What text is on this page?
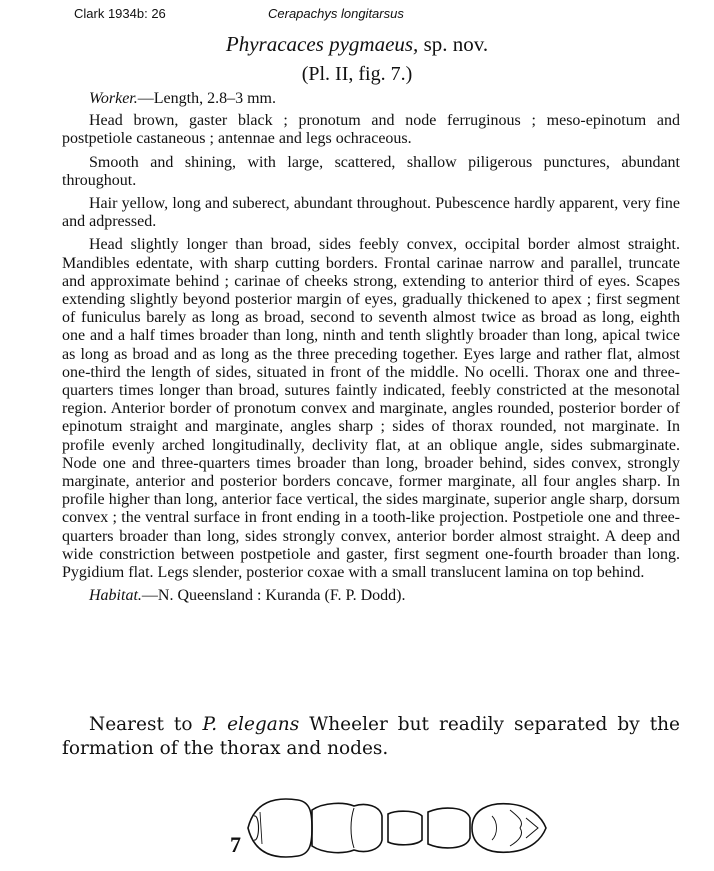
Clark 1934b: 26	Cerapachys longitarsus
Phyracaces pygmaeus, sp. nov.
(Pl. II, fig. 7.)

Worker.—Length, 2.8–3 mm.

Head brown, gaster black ; pronotum and node ferruginous ; meso-epinotum and postpetiole castaneous ; antennae and legs ochraceous.

Smooth and shining, with large, scattered, shallow piligerous punctures, abundant throughout.

Hair yellow, long and suberect, abundant throughout. Pubescence hardly apparent, very fine and adpressed.

Head slightly longer than broad, sides feebly convex, occipital border almost straight. Mandibles edentate, with sharp cutting borders. Frontal carinae narrow and parallel, truncate and approximate behind ; carinae of cheeks strong, extending to anterior third of eyes. Scapes extending slightly beyond posterior margin of eyes, gradually thickened to apex ; first segment of funiculus barely as long as broad, second to seventh almost twice as broad as long, eighth one and a half times broader than long, ninth and tenth slightly broader than long, apical twice as long as broad and as long as the three preceding together. Eyes large and rather flat, almost one-third the length of sides, situated in front of the middle. No ocelli. Thorax one and three-quarters times longer than broad, sutures faintly indicated, feebly constricted at the mesonotal region. Anterior border of pronotum convex and marginate, angles rounded, posterior border of epinotum straight and marginate, angles sharp ; sides of thorax rounded, not marginate. In profile evenly arched longitudinally, declivity flat, at an oblique angle, sides submarginate. Node one and three-quarters times broader than long, broader behind, sides convex, strongly marginate, anterior and posterior borders concave, former marginate, all four angles sharp. In profile higher than long, anterior face vertical, the sides marginate, superior angle sharp, dorsum convex ; the ventral surface in front ending in a tooth-like projection. Postpetiole one and three-quarters broader than long, sides strongly convex, anterior border almost straight. A deep and wide constriction between postpetiole and gaster, first segment one-fourth broader than long. Pygidium flat. Legs slender, posterior coxae with a small translucent lamina on top behind.

Habitat.—N. Queensland : Kuranda (F. P. Dodd).

Nearest to P. elegans Wheeler but readily separated by the formation of the thorax and nodes.
7
